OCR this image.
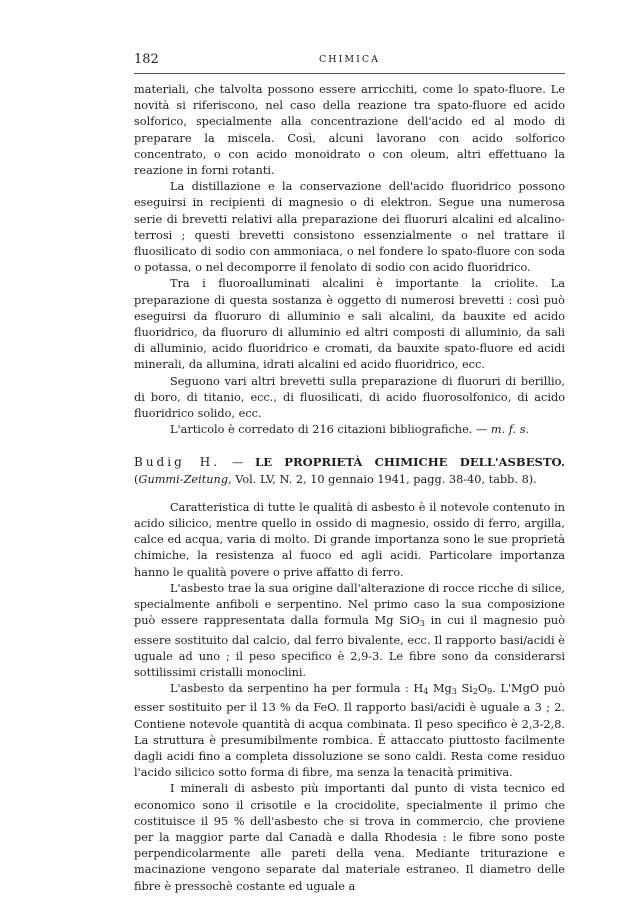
182	CHIMICA

materiali, che talvolta possono essere arricchiti, come lo spato-fluore. Le novità si riferiscono, nel caso della reazione tra spato-fluore ed acido solforico, specialmente alla concentrazione dell'acido ed al modo di preparare la miscela. Così, alcuni lavorano con acido solforico concentrato, o con acido monoidrato o con oleum, altri effettuano la reazione in forni rotanti.

La distillazione e la conservazione dell'acido fluoridrico possono eseguirsi in recipienti di magnesio o di elektron. Segue una numerosa serie di brevetti relativi alla preparazione dei fluoruri alcalini ed alcalino-terrosi ; questi brevetti consistono essenzialmente o nel trattare il fluosilicato di sodio con ammoniaca, o nel fondere lo spato-fluore con soda o potassa, o nel decomporre il fenolato di sodio con acido fluoridrico.

Tra i fluoroalluminati alcalini è importante la criolite. La preparazione di questa sostanza è oggetto di numerosi brevetti : così può eseguirsi da fluoruro di alluminio e sali alcalini, da bauxite ed acido fluoridrico, da fluoruro di alluminio ed altri composti di alluminio, da sali di alluminio, acido fluoridrico e cromati, da bauxite spato-fluore ed acidi minerali, da allumina, idrati alcalini ed acido fluoridrico, ecc.

Seguono vari altri brevetti sulla preparazione di fluoruri di berillio, di boro, di titanio, ecc., di fluosilicati, di acido fluorosolfonico, di acido fluoridrico solido, ecc.

L'articolo è corredato di 216 citazioni bibliografiche. — m. f. s.

Budig H. — LE PROPRIETÀ CHIMICHE DELL'ASBESTO. (Gummi-Zeitung, Vol. LV, N. 2, 10 gennaio 1941, pagg. 38-40, tabb. 8).

Caratteristica di tutte le qualità di asbesto è il notevole contenuto in acido silicico, mentre quello in ossido di magnesio, ossido di ferro, argilla, calce ed acqua, varia di molto. Di grande importanza sono le sue proprietà chimiche, la resistenza al fuoco ed agli acidi. Particolare importanza hanno le qualità povere o prive affatto di ferro.

L'asbesto trae la sua origine dall'alterazione di rocce ricche di silice, specialmente anfiboli e serpentino. Nel primo caso la sua composizione può essere rappresentata dalla formula Mg SiO$_3$ in cui il magnesio può essere sostituito dal calcio, dal ferro bivalente, ecc. Il rapporto basi/acidi è uguale ad uno ; il peso specifico è 2,9-3. Le fibre sono da considerarsi sottilissimi cristalli monoclini.

L'asbesto da serpentino ha per formula : $H_4$ $Mg_3$ $Si_2O_9$. L'MgO può esser sostituito per il 13 % da FeO. Il rapporto basi/acidi è uguale a 3 ; 2. Contiene notevole quantità di acqua combinata. Il peso specifico è 2,3-2,8. La struttura è presumibilmente rombica. È attaccato piuttosto facilmente dagli acidi fino a completa dissoluzione se sono caldi. Resta come residuo l'acido silicico sotto forma di fibre, ma senza la tenacità primitiva.

I minerali di asbesto più importanti dal punto di vista tecnico ed economico sono il crisotile e la crocidolite, specialmente il primo che costituisce il 95 % dell'asbesto che si trova in commercio, che proviene per la maggior parte dal Canadà e dalla Rhodesia : le fibre sono poste perpendicolarmente alle pareti della vena. Mediante triturazione e macinazione vengono separate dal materiale estraneo. Il diametro delle fibre è pressochè costante ed uguale a
